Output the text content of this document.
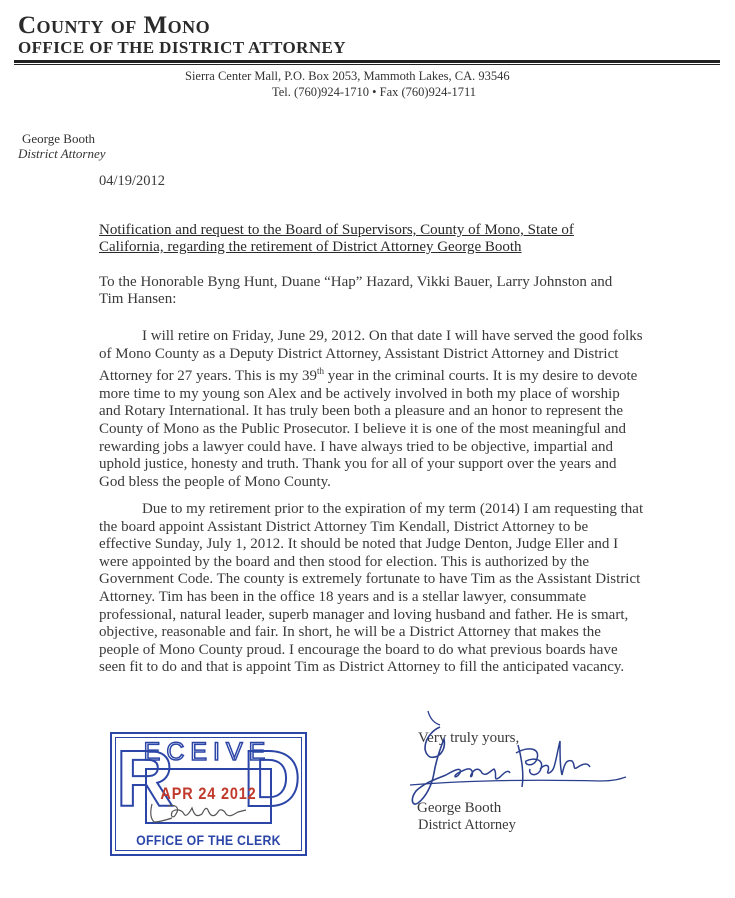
County of Mono
OFFICE OF THE DISTRICT ATTORNEY
Sierra Center Mall, P.O. Box 2053, Mammoth Lakes, CA. 93546
Tel. (760)924-1710 • Fax (760)924-1711
George Booth
District Attorney
04/19/2012
Notification and request to the Board of Supervisors, County of Mono, State of California, regarding the retirement of District Attorney George Booth
To the Honorable Byng Hunt, Duane “Hap” Hazard, Vikki Bauer, Larry Johnston and Tim Hansen:
I will retire on Friday, June 29, 2012. On that date I will have served the good folks of Mono County as a Deputy District Attorney, Assistant District Attorney and District Attorney for 27 years. This is my 39th year in the criminal courts. It is my desire to devote more time to my young son Alex and be actively involved in both my place of worship and Rotary International. It has truly been both a pleasure and an honor to represent the County of Mono as the Public Prosecutor. I believe it is one of the most meaningful and rewarding jobs a lawyer could have. I have always tried to be objective, impartial and uphold justice, honesty and truth. Thank you for all of your support over the years and God bless the people of Mono County.
Due to my retirement prior to the expiration of my term (2014) I am requesting that the board appoint Assistant District Attorney Tim Kendall, District Attorney to be effective Sunday, July 1, 2012. It should be noted that Judge Denton, Judge Eller and I were appointed by the board and then stood for election. This is authorized by the Government Code. The county is extremely fortunate to have Tim as the Assistant District Attorney. Tim has been in the office 18 years and is a stellar lawyer, consummate professional, natural leader, superb manager and loving husband and father. He is smart, objective, reasonable and fair. In short, he will be a District Attorney that makes the people of Mono County proud. I encourage the board to do what previous boards have seen fit to do and that is appoint Tim as District Attorney to fill the anticipated vacancy.
R D
ECEIVE
APR 24 2012
OFFICE OF THE CLERK
Very truly yours,
George Booth
District Attorney
